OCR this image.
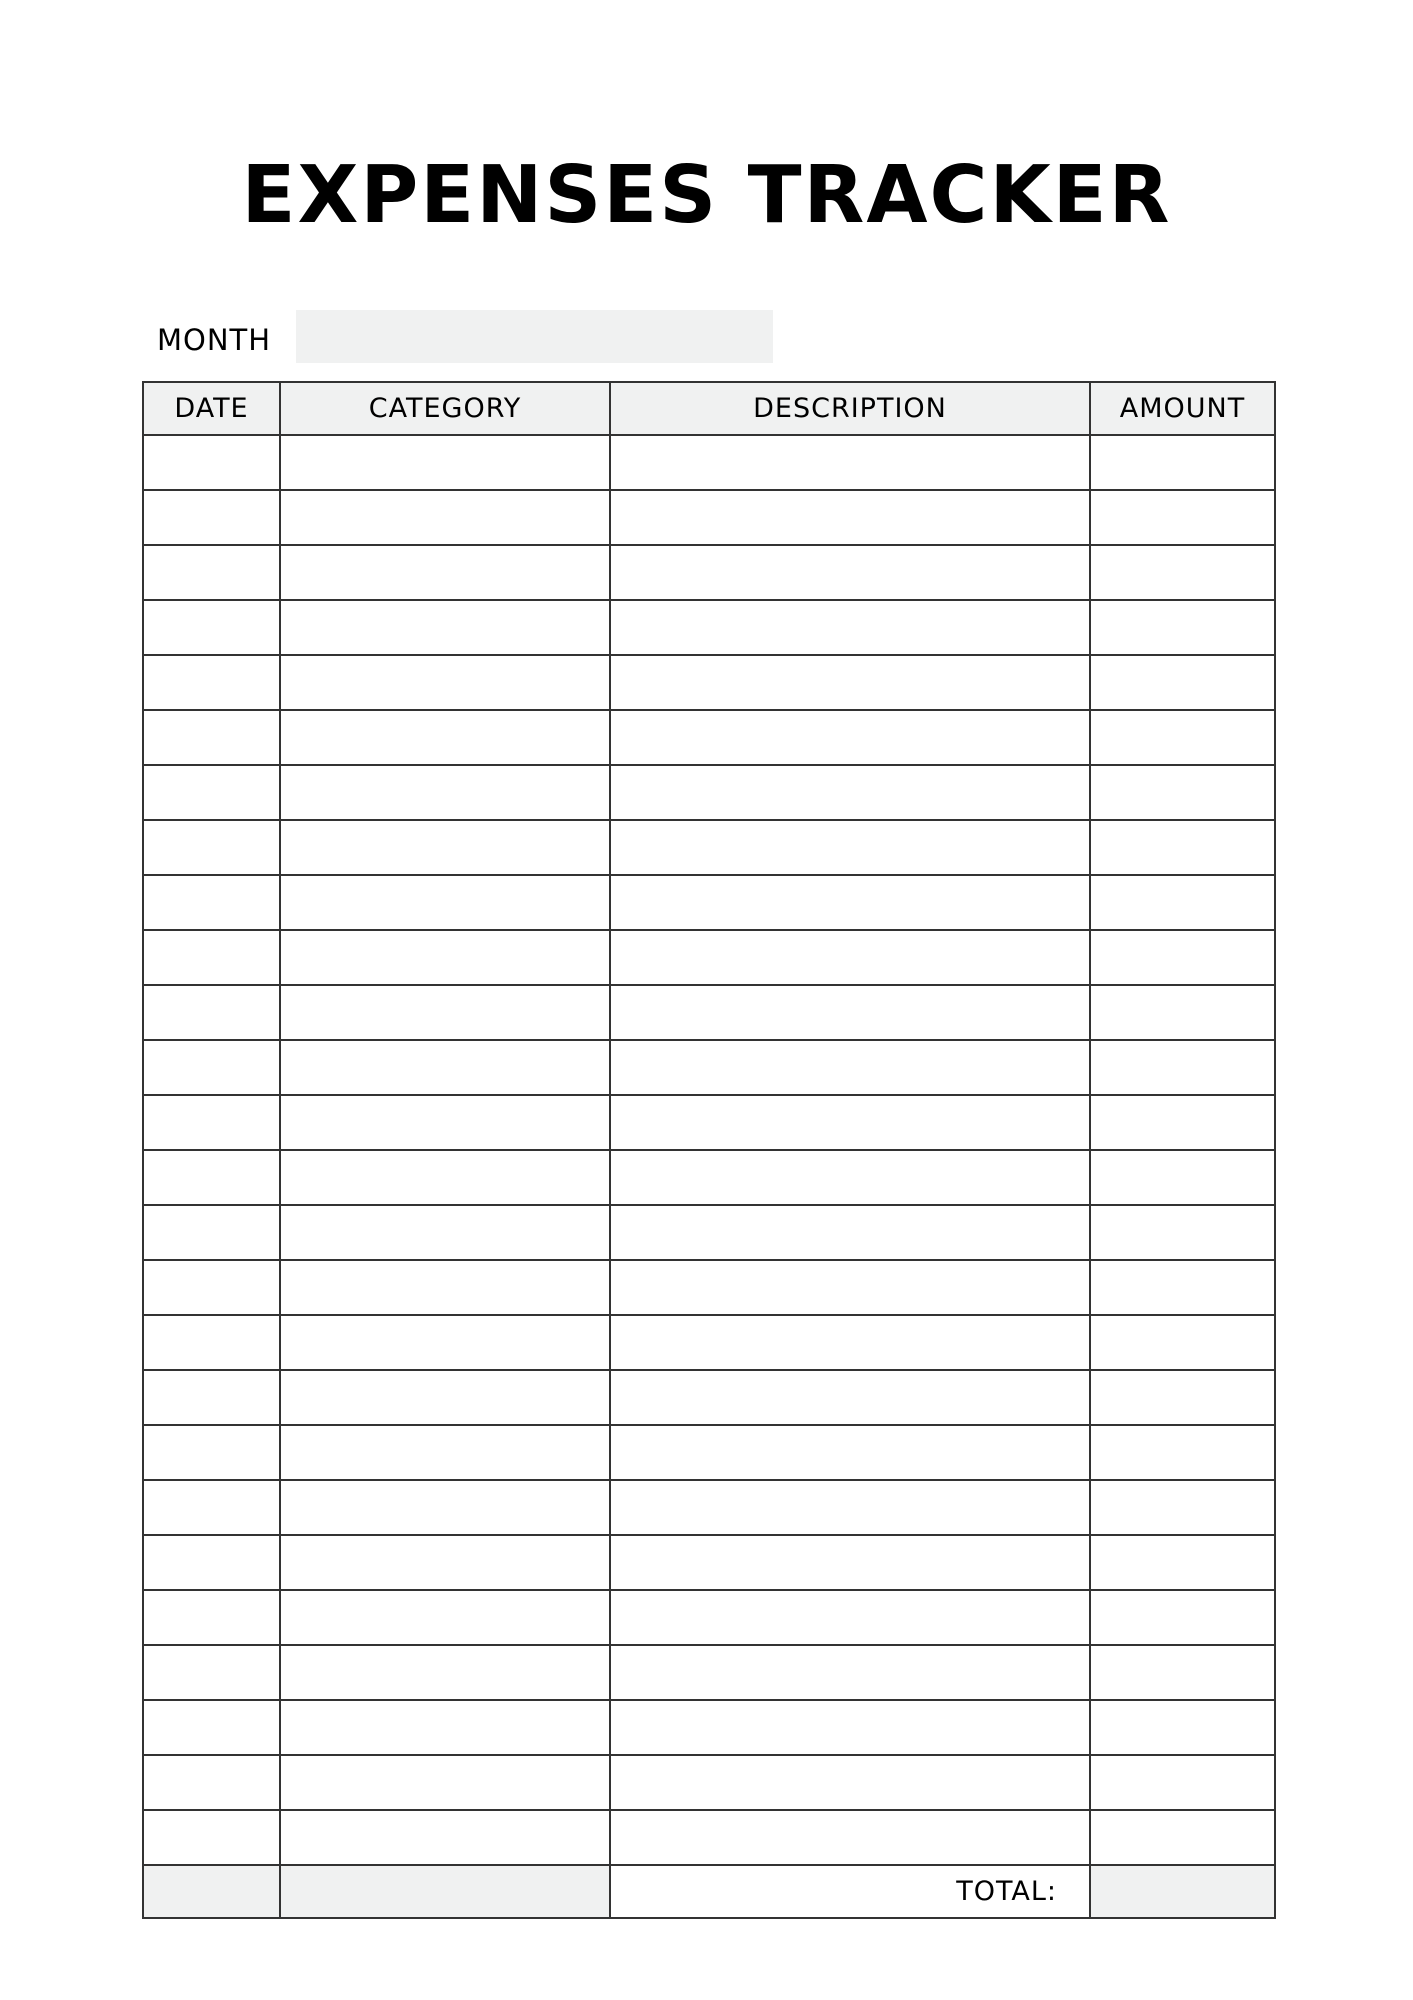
EXPENSES TRACKER
MONTH
DATE	CATEGORY	DESCRIPTION	AMOUNT

		TOTAL:	
